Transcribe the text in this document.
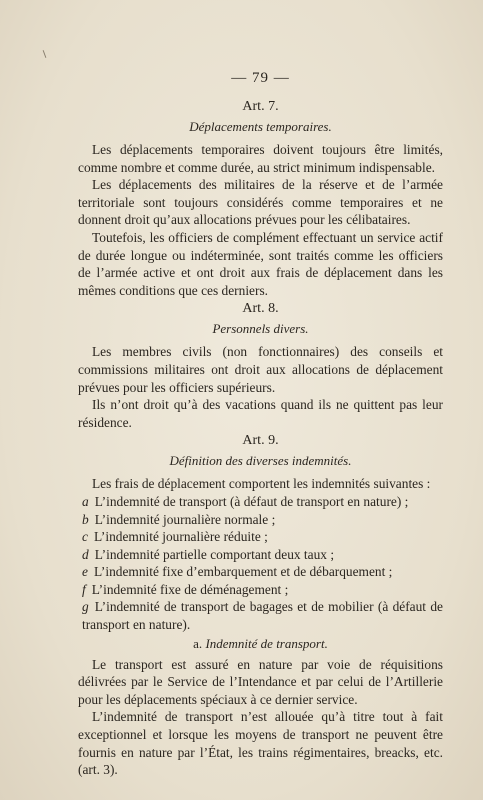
— 79 —
Art. 7.
Déplacements temporaires.

Les déplacements temporaires doivent toujours être limités, comme nombre et comme durée, au strict minimum indispensable.

Les déplacements des militaires de la réserve et de l’armée territoriale sont toujours considérés comme temporaires et ne donnent droit qu’aux allocations prévues pour les célibataires.

Toutefois, les officiers de complément effectuant un service actif de durée longue ou indéterminée, sont traités comme les officiers de l’armée active et ont droit aux frais de déplacement dans les mêmes conditions que ces derniers.

Art. 8.
Personnels divers.

Les membres civils (non fonctionnaires) des conseils et commissions militaires ont droit aux allocations de déplacement prévues pour les officiers supérieurs.

Ils n’ont droit qu’à des vacations quand ils ne quittent pas leur résidence.

Art. 9.
Définition des diverses indemnités.

Les frais de déplacement comportent les indemnités suivantes :

a L’indemnité de transport (à défaut de transport en nature) ;

b L’indemnité journalière normale ;

c L’indemnité journalière réduite ;

d L’indemnité partielle comportant deux taux ;

e L’indemnité fixe d’embarquement et de débarquement ;

f L’indemnité fixe de déménagement ;

g L’indemnité de transport de bagages et de mobilier (à défaut de transport en nature).

a. Indemnité de transport.

Le transport est assuré en nature par voie de réquisitions délivrées par le Service de l’Intendance et par celui de l’Artillerie pour les déplacements spéciaux à ce dernier service.

L’indemnité de transport n’est allouée qu’à titre tout à fait exceptionnel et lorsque les moyens de transport ne peuvent être fournis en nature par l’État, les trains régimentaires, breacks, etc. (art. 3).
